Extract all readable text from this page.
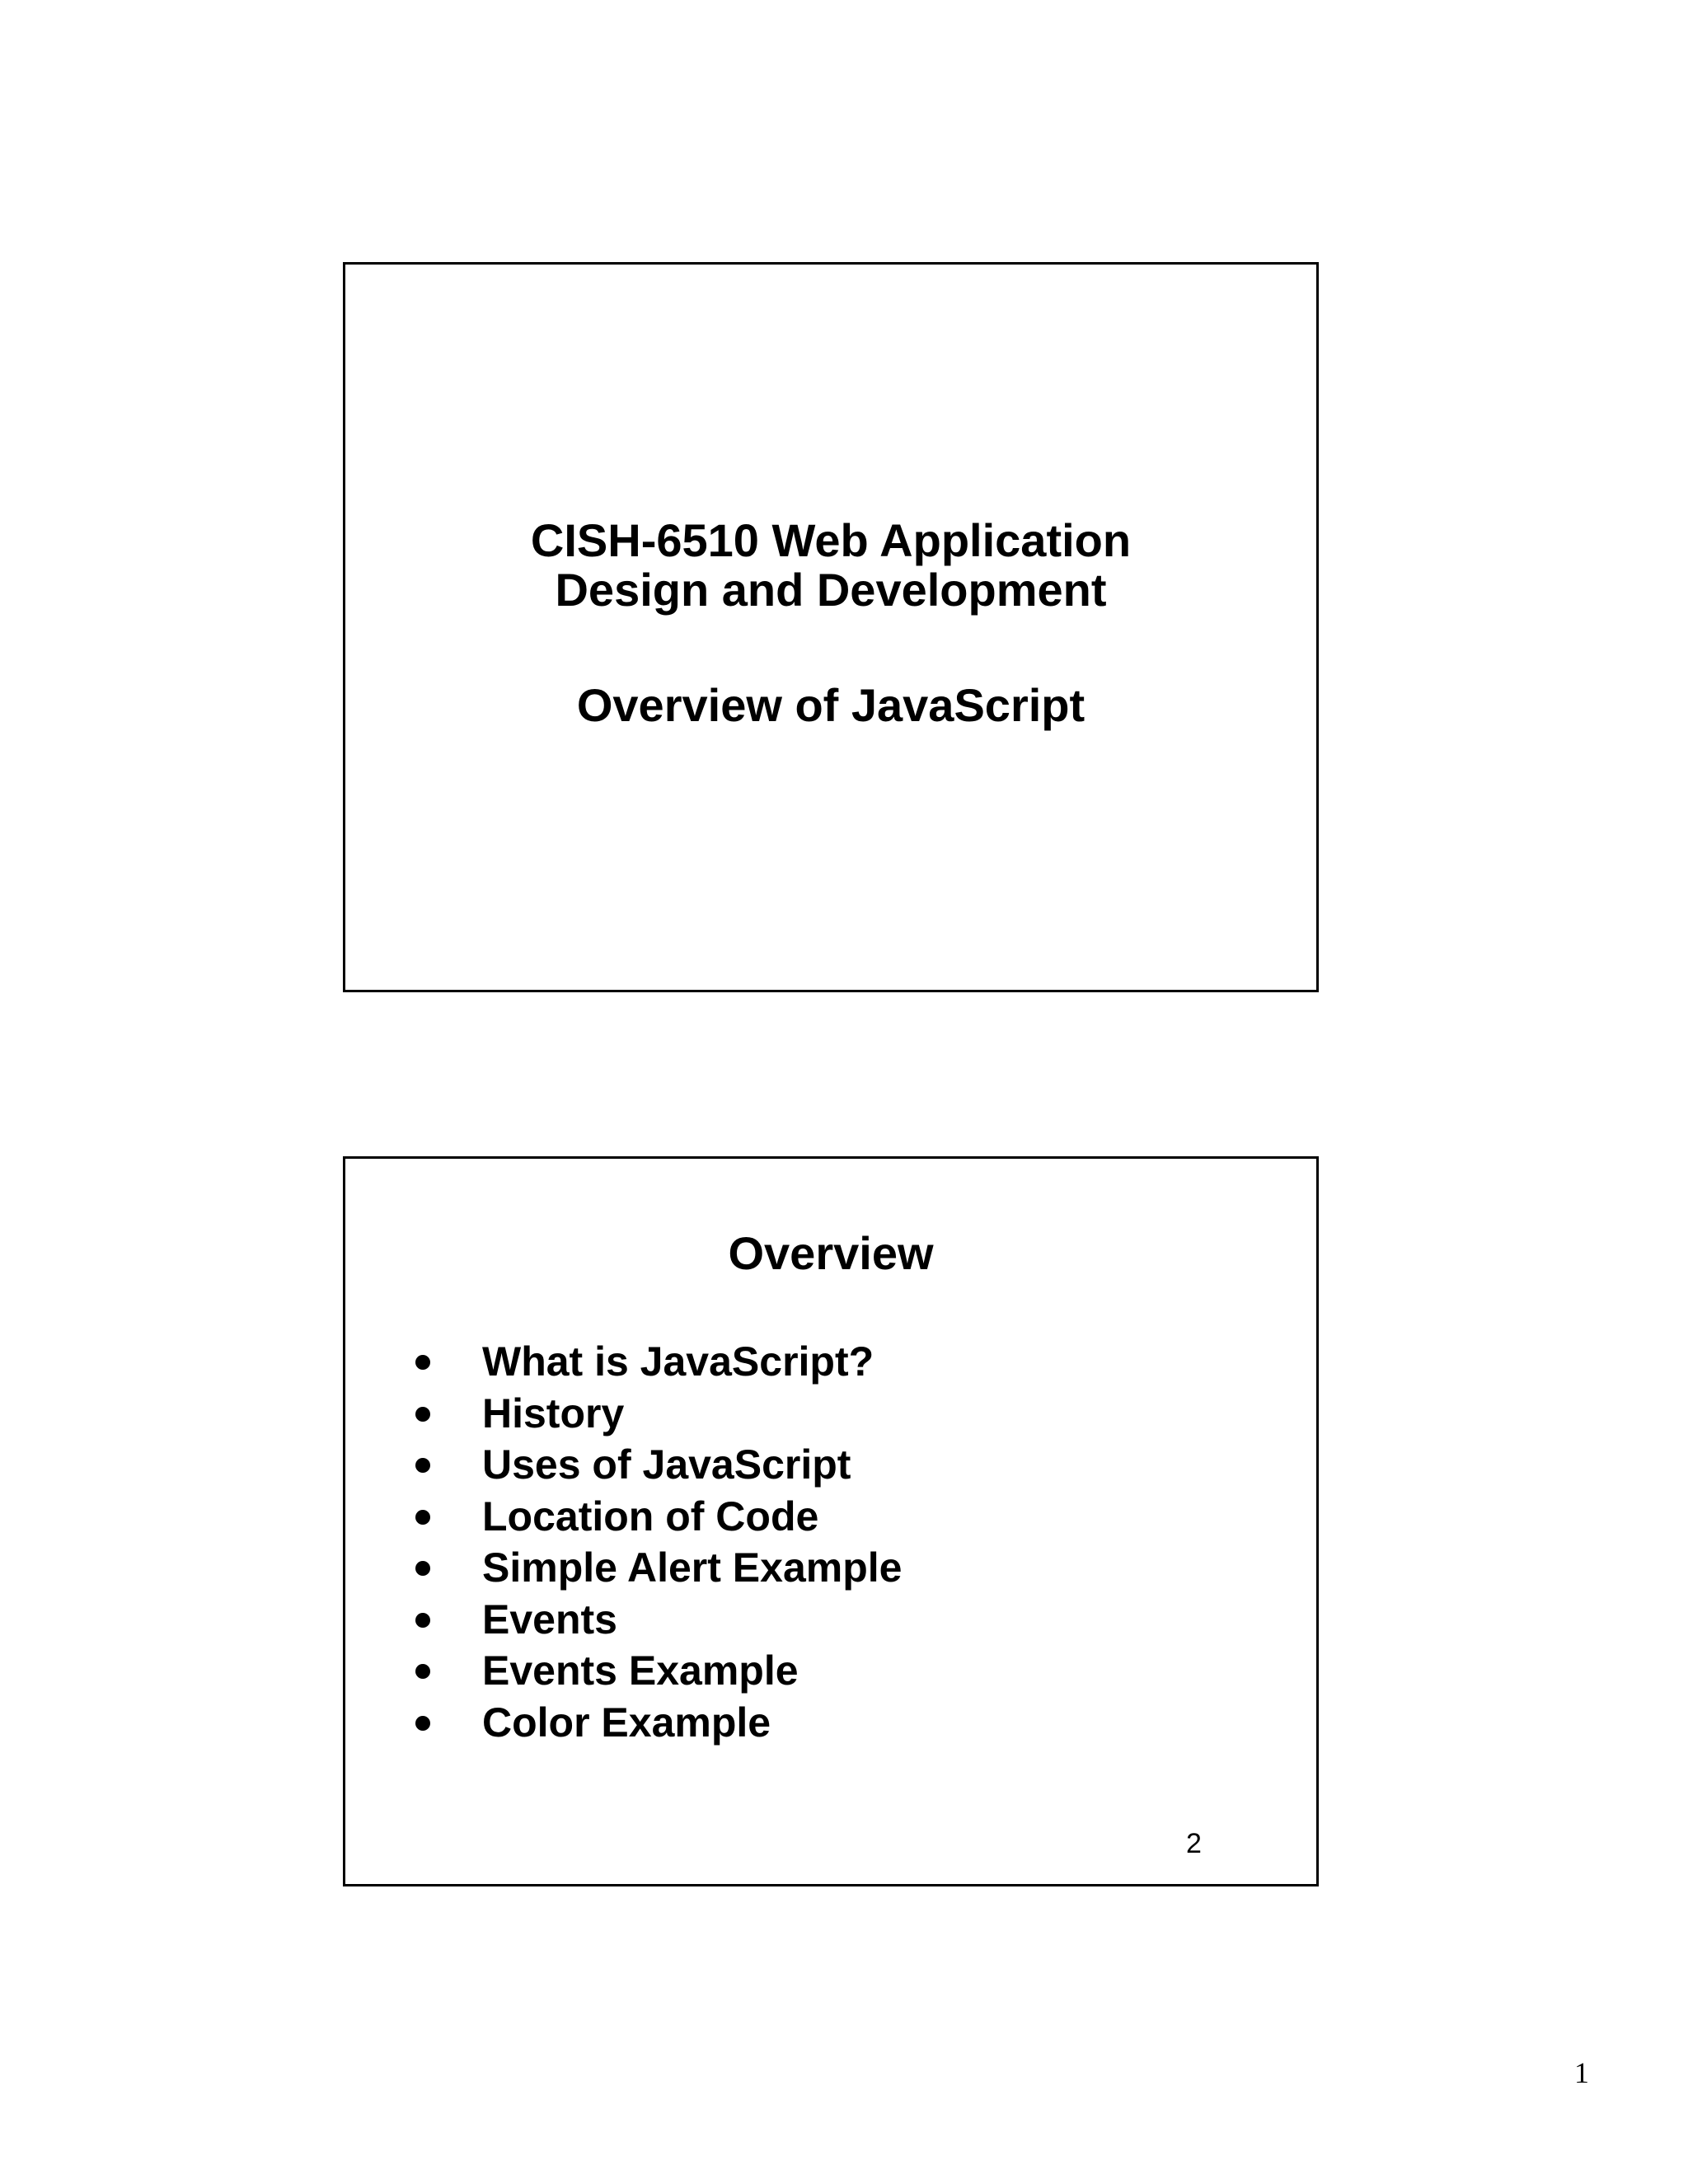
CISH-6510 Web Application
Design and Development
Overview of JavaScript
Overview
What is JavaScript?
History
Uses of JavaScript
Location of Code
Simple Alert Example
Events
Events Example
Color Example
2
1
